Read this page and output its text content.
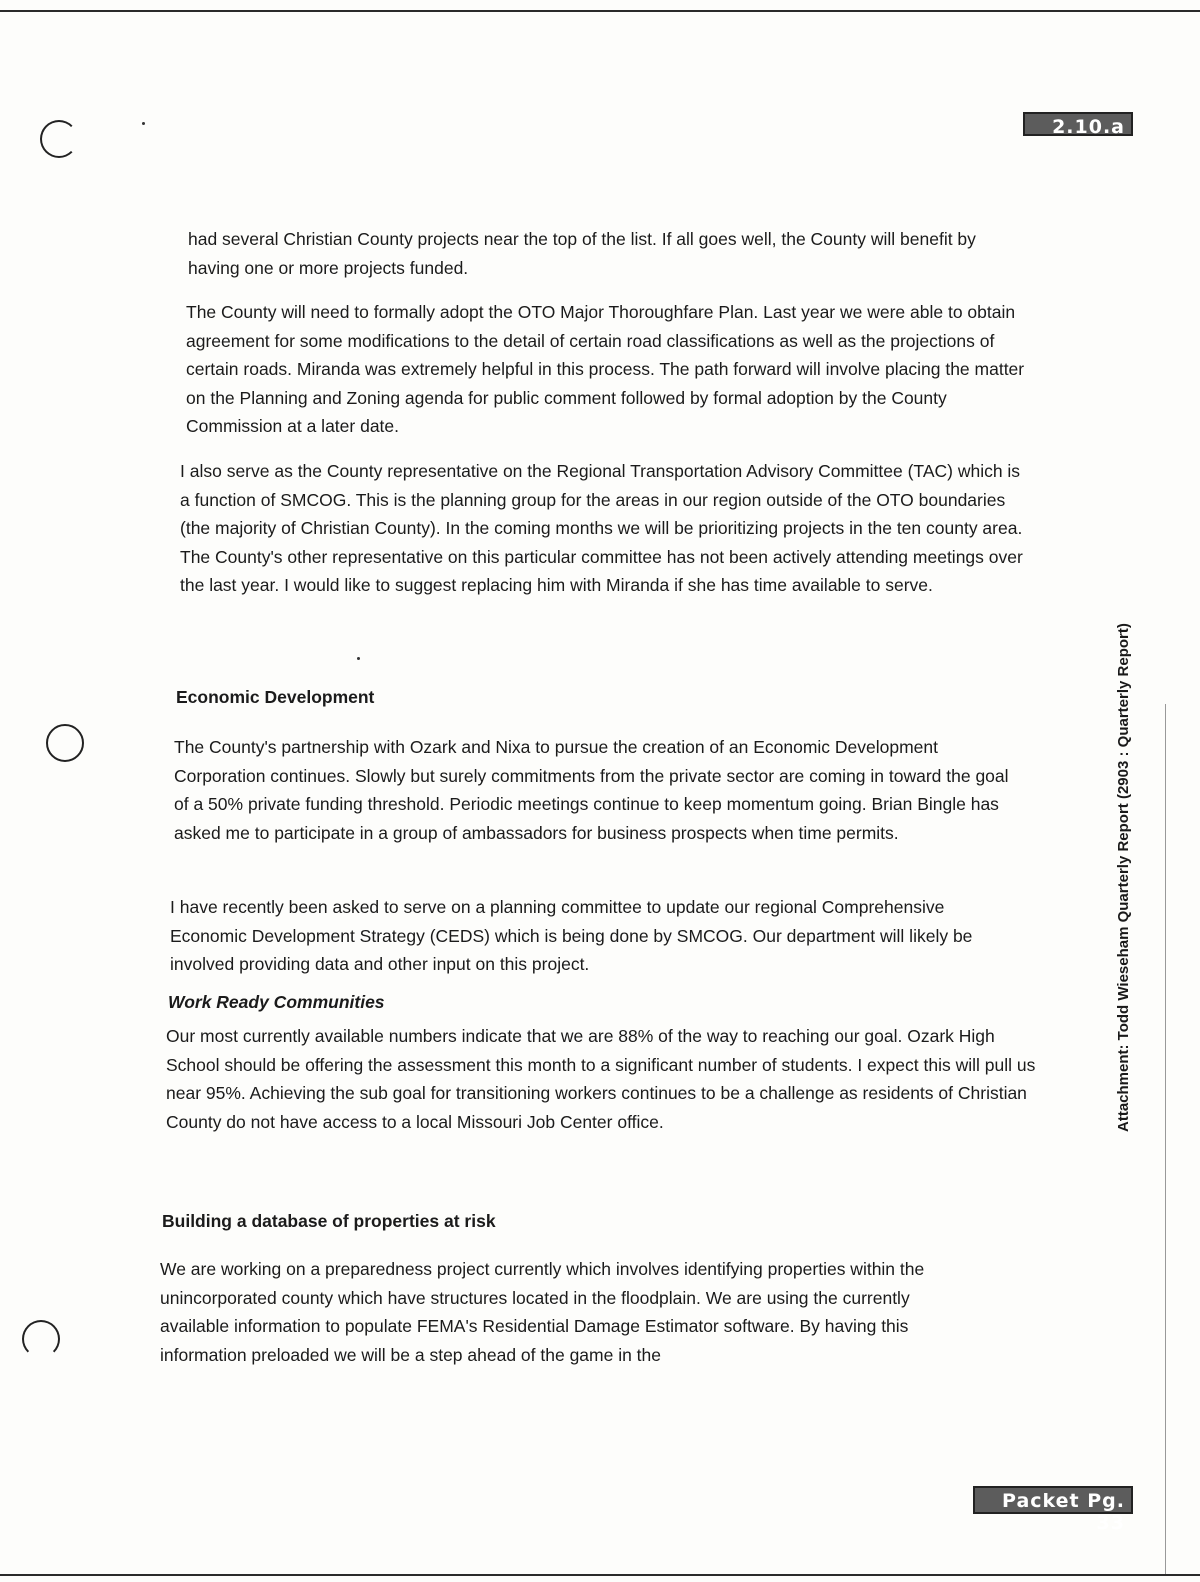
2.10.a
Attachment: Todd Wieseham Quarterly Report (2903 : Quarterly Report)

had several Christian County projects near the top of the list. If all goes well, the County will benefit by having one or more projects funded.

The County will need to formally adopt the OTO Major Thoroughfare Plan. Last year we were able to obtain agreement for some modifications to the detail of certain road classifications as well as the projections of certain roads. Miranda was extremely helpful in this process. The path forward will involve placing the matter on the Planning and Zoning agenda for public comment followed by formal adoption by the County Commission at a later date.

I also serve as the County representative on the Regional Transportation Advisory Committee (TAC) which is a function of SMCOG. This is the planning group for the areas in our region outside of the OTO boundaries (the majority of Christian County). In the coming months we will be prioritizing projects in the ten county area. The County's other representative on this particular committee has not been actively attending meetings over the last year. I would like to suggest replacing him with Miranda if she has time available to serve.

Economic Development

The County's partnership with Ozark and Nixa to pursue the creation of an Economic Development Corporation continues. Slowly but surely commitments from the private sector are coming in toward the goal of a 50% private funding threshold. Periodic meetings continue to keep momentum going. Brian Bingle has asked me to participate in a group of ambassadors for business prospects when time permits.

I have recently been asked to serve on a planning committee to update our regional Comprehensive Economic Development Strategy (CEDS) which is being done by SMCOG. Our department will likely be involved providing data and other input on this project.

Work Ready Communities

Our most currently available numbers indicate that we are 88% of the way to reaching our goal. Ozark High School should be offering the assessment this month to a significant number of students. I expect this will pull us near 95%. Achieving the sub goal for transitioning workers continues to be a challenge as residents of Christian County do not have access to a local Missouri Job Center office.

Building a database of properties at risk

We are working on a preparedness project currently which involves identifying properties within the unincorporated county which have structures located in the floodplain. We are using the currently available information to populate FEMA's Residential Damage Estimator software. By having this information preloaded we will be a step ahead of the game in the

Packet Pg. 33
